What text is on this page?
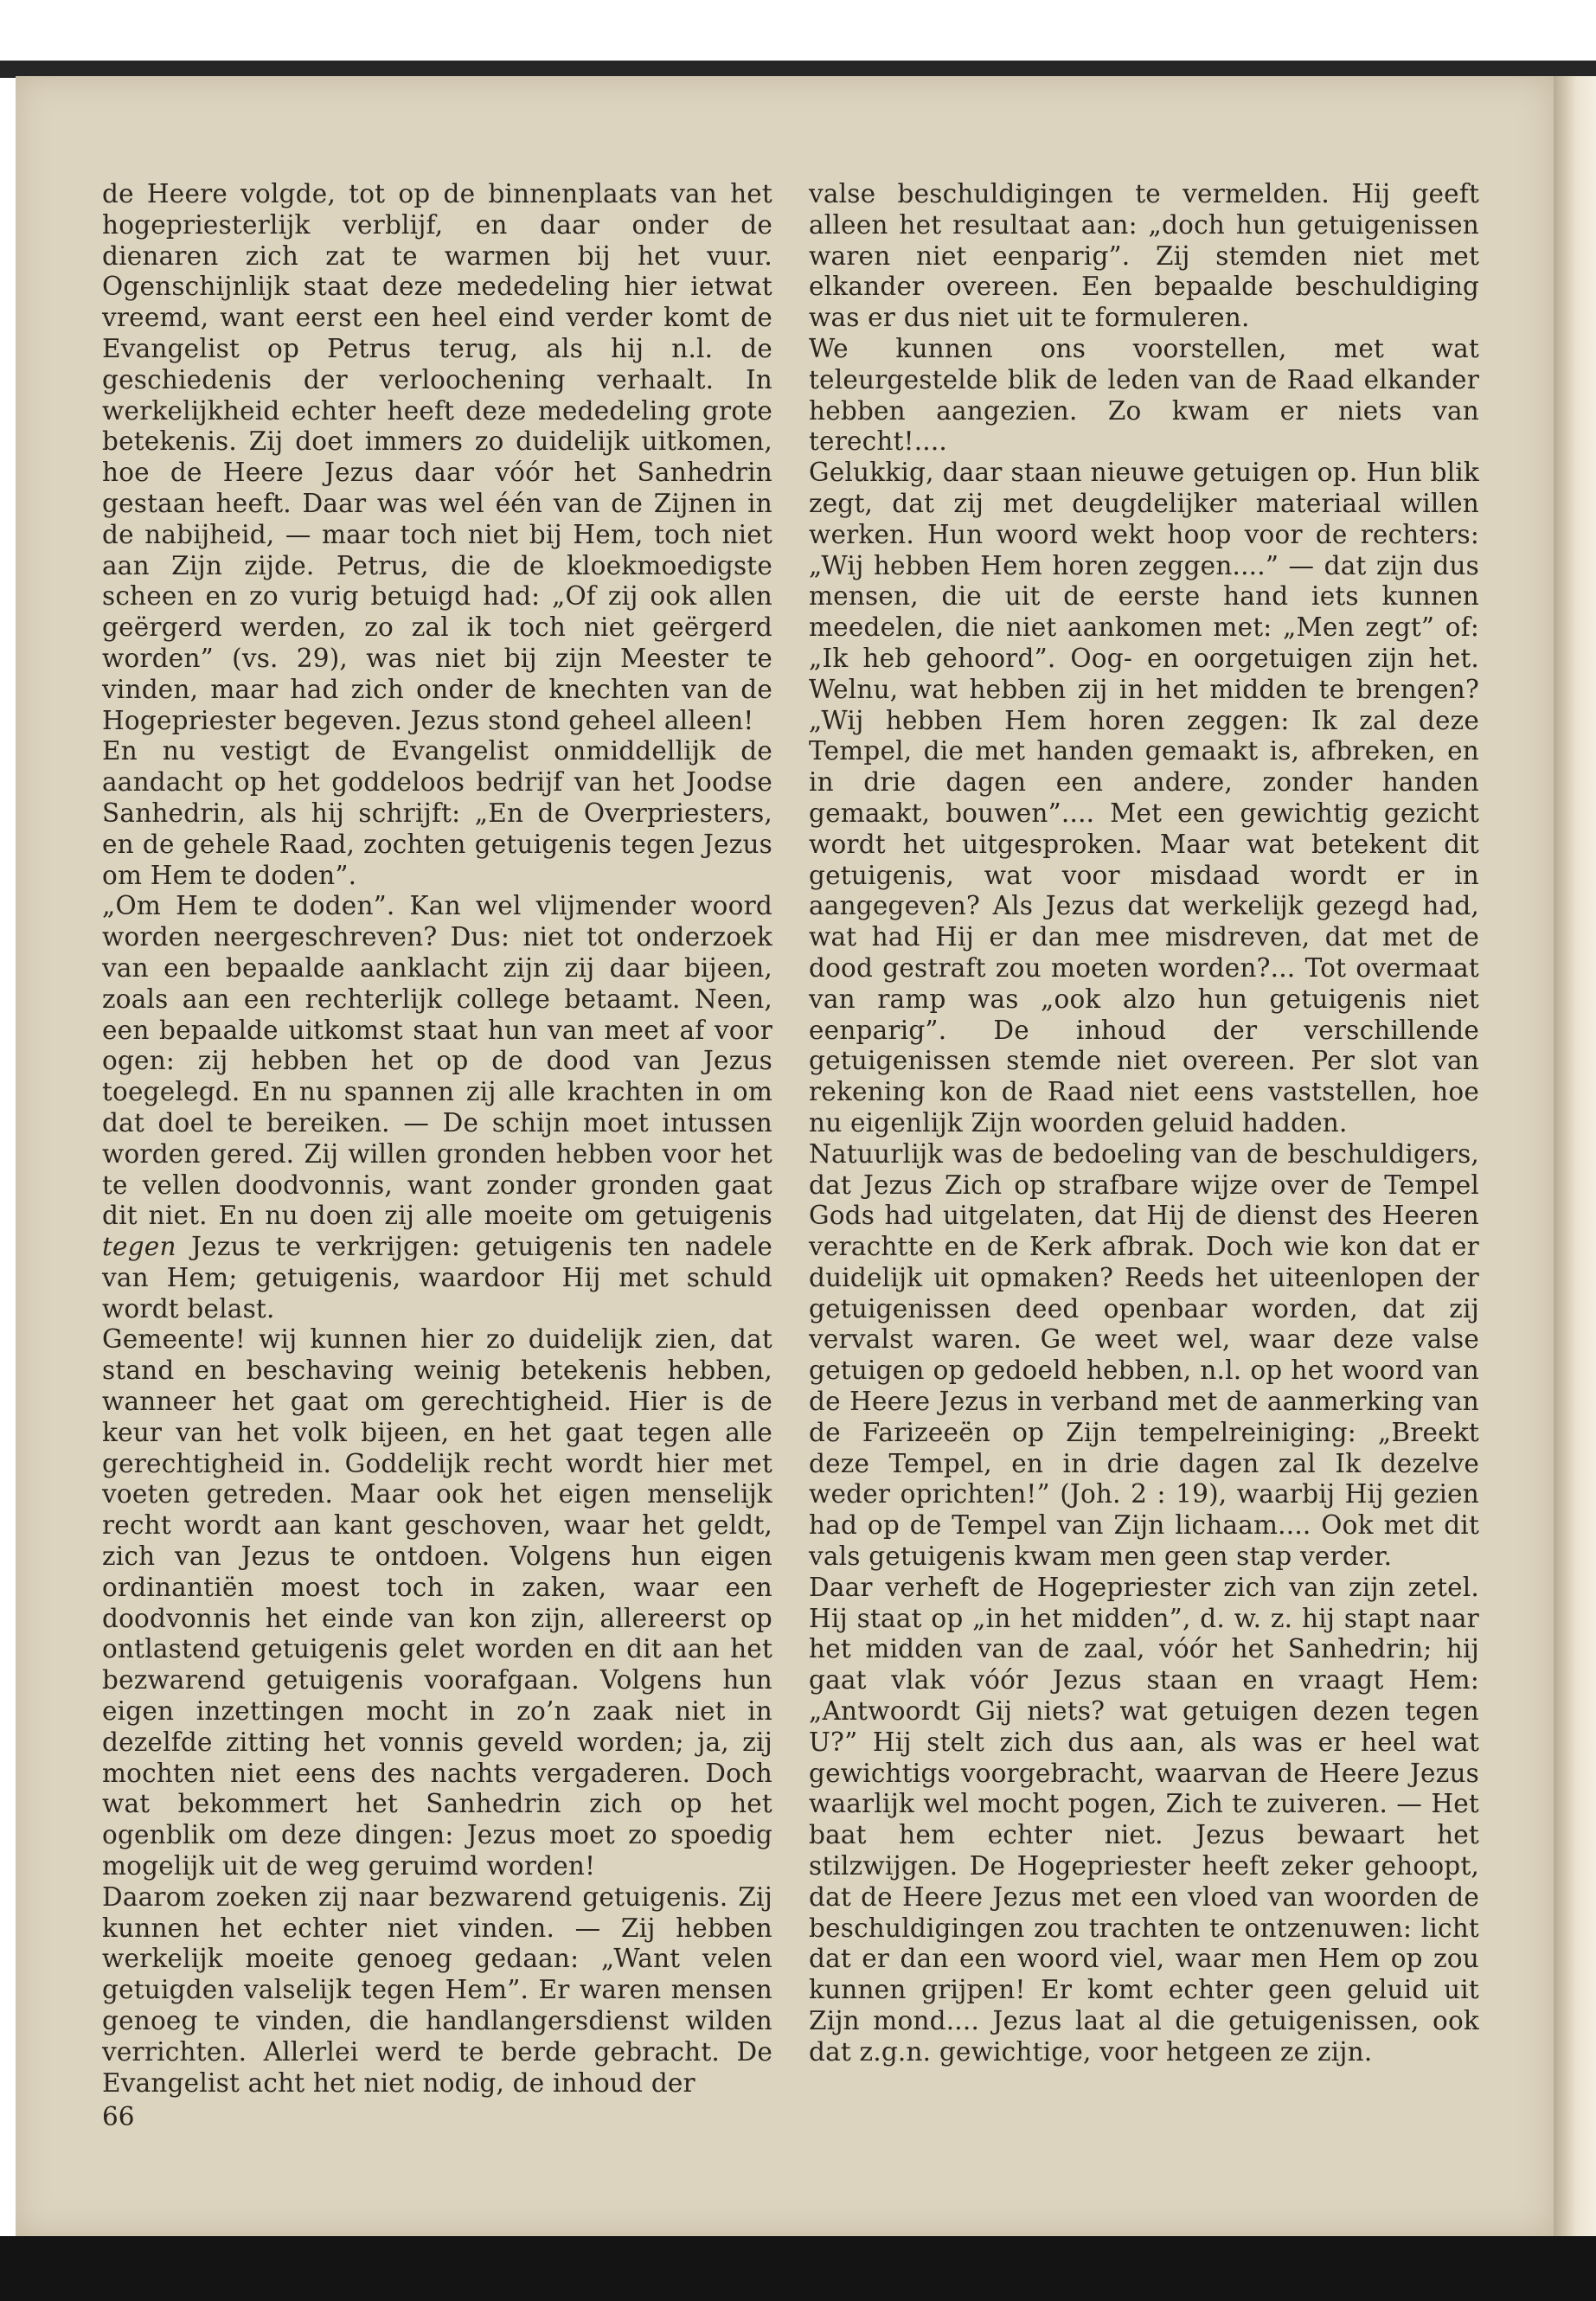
de Heere volgde, tot op de binnenplaats van het hogepriesterlijk verblijf, en daar onder de dienaren zich zat te warmen bij het vuur. Ogenschijnlijk staat deze mededeling hier ietwat vreemd, want eerst een heel eind verder komt de Evangelist op Petrus terug, als hij n.l. de geschiedenis der verloochening verhaalt. In werkelijkheid echter heeft deze mededeling grote betekenis. Zij doet immers zo duidelijk uitkomen, hoe de Heere Jezus daar vóór het Sanhedrin gestaan heeft. Daar was wel één van de Zijnen in de nabijheid, — maar toch niet bij Hem, toch niet aan Zijn zijde. Petrus, die de kloekmoedigste scheen en zo vurig betuigd had: „Of zij ook allen geërgerd werden, zo zal ik toch niet geërgerd worden” (vs. 29), was niet bij zijn Meester te vinden, maar had zich onder de knechten van de Hogepriester begeven. Jezus stond geheel alleen!

En nu vestigt de Evangelist onmiddellijk de aandacht op het goddeloos bedrijf van het Joodse Sanhedrin, als hij schrijft: „En de Overpriesters, en de gehele Raad, zochten getuigenis tegen Jezus om Hem te doden”.

„Om Hem te doden”. Kan wel vlijmender woord worden neergeschreven? Dus: niet tot onderzoek van een bepaalde aanklacht zijn zij daar bijeen, zoals aan een rechterlijk college betaamt. Neen, een bepaalde uitkomst staat hun van meet af voor ogen: zij hebben het op de dood van Jezus toegelegd. En nu spannen zij alle krachten in om dat doel te bereiken. — De schijn moet intussen worden gered. Zij willen gronden hebben voor het te vellen doodvonnis, want zonder gronden gaat dit niet. En nu doen zij alle moeite om getuigenis tegen Jezus te verkrijgen: getuigenis ten nadele van Hem; getuigenis, waardoor Hij met schuld wordt belast.

Gemeente! wij kunnen hier zo duidelijk zien, dat stand en beschaving weinig betekenis hebben, wanneer het gaat om gerechtigheid. Hier is de keur van het volk bijeen, en het gaat tegen alle gerechtigheid in. Goddelijk recht wordt hier met voeten getreden. Maar ook het eigen menselijk recht wordt aan kant geschoven, waar het geldt, zich van Jezus te ontdoen. Volgens hun eigen ordinantiën moest toch in zaken, waar een doodvonnis het einde van kon zijn, allereerst op ontlastend getuigenis gelet worden en dit aan het bezwarend getuigenis voorafgaan. Volgens hun eigen inzettingen mocht in zo’n zaak niet in dezelfde zitting het vonnis geveld worden; ja, zij mochten niet eens des nachts vergaderen. Doch wat bekommert het Sanhedrin zich op het ogenblik om deze dingen: Jezus moet zo spoedig mogelijk uit de weg geruimd worden!

Daarom zoeken zij naar bezwarend getuigenis. Zij kunnen het echter niet vinden. — Zij hebben werkelijk moeite genoeg gedaan: „Want velen getuigden valselijk tegen Hem”. Er waren mensen genoeg te vinden, die handlangersdienst wilden verrichten. Allerlei werd te berde gebracht. De Evangelist acht het niet nodig, de inhoud der

valse beschuldigingen te vermelden. Hij geeft alleen het resultaat aan: „doch hun getuigenissen waren niet eenparig”. Zij stemden niet met elkander overeen. Een bepaalde beschuldiging was er dus niet uit te formuleren.

We kunnen ons voorstellen, met wat teleurgestelde blik de leden van de Raad elkander hebben aangezien. Zo kwam er niets van terecht!....

Gelukkig, daar staan nieuwe getuigen op. Hun blik zegt, dat zij met deugdelijker materiaal willen werken. Hun woord wekt hoop voor de rechters: „Wij hebben Hem horen zeggen....” — dat zijn dus mensen, die uit de eerste hand iets kunnen meedelen, die niet aankomen met: „Men zegt” of: „Ik heb gehoord”. Oog- en oorgetuigen zijn het. Welnu, wat hebben zij in het midden te brengen? „Wij hebben Hem horen zeggen: Ik zal deze Tempel, die met handen gemaakt is, afbreken, en in drie dagen een andere, zonder handen gemaakt, bouwen”.... Met een gewichtig gezicht wordt het uitgesproken. Maar wat betekent dit getuigenis, wat voor misdaad wordt er in aangegeven? Als Jezus dat werkelijk gezegd had, wat had Hij er dan mee misdreven, dat met de dood gestraft zou moeten worden?... Tot overmaat van ramp was „ook alzo hun getuigenis niet eenparig”. De inhoud der verschillende getuigenissen stemde niet overeen. Per slot van rekening kon de Raad niet eens vaststellen, hoe nu eigenlijk Zijn woorden geluid hadden.

Natuurlijk was de bedoeling van de beschuldigers, dat Jezus Zich op strafbare wijze over de Tempel Gods had uitgelaten, dat Hij de dienst des Heeren verachtte en de Kerk afbrak. Doch wie kon dat er duidelijk uit opmaken? Reeds het uiteenlopen der getuigenissen deed openbaar worden, dat zij vervalst waren. Ge weet wel, waar deze valse getuigen op gedoeld hebben, n.l. op het woord van de Heere Jezus in verband met de aanmerking van de Farizeeën op Zijn tempelreiniging: „Breekt deze Tempel, en in drie dagen zal Ik dezelve weder oprichten!” (Joh. 2 : 19), waarbij Hij gezien had op de Tempel van Zijn lichaam.... Ook met dit vals getuigenis kwam men geen stap verder.

Daar verheft de Hogepriester zich van zijn zetel. Hij staat op „in het midden”, d. w. z. hij stapt naar het midden van de zaal, vóór het Sanhedrin; hij gaat vlak vóór Jezus staan en vraagt Hem: „Antwoordt Gij niets? wat getuigen dezen tegen U?” Hij stelt zich dus aan, als was er heel wat gewichtigs voorgebracht, waarvan de Heere Jezus waarlijk wel mocht pogen, Zich te zuiveren. — Het baat hem echter niet. Jezus bewaart het stilzwijgen. De Hogepriester heeft zeker gehoopt, dat de Heere Jezus met een vloed van woorden de beschuldigingen zou trachten te ontzenuwen: licht dat er dan een woord viel, waar men Hem op zou kunnen grijpen! Er komt echter geen geluid uit Zijn mond.... Jezus laat al die getuigenissen, ook dat z.g.n. gewichtige, voor hetgeen ze zijn.

66
